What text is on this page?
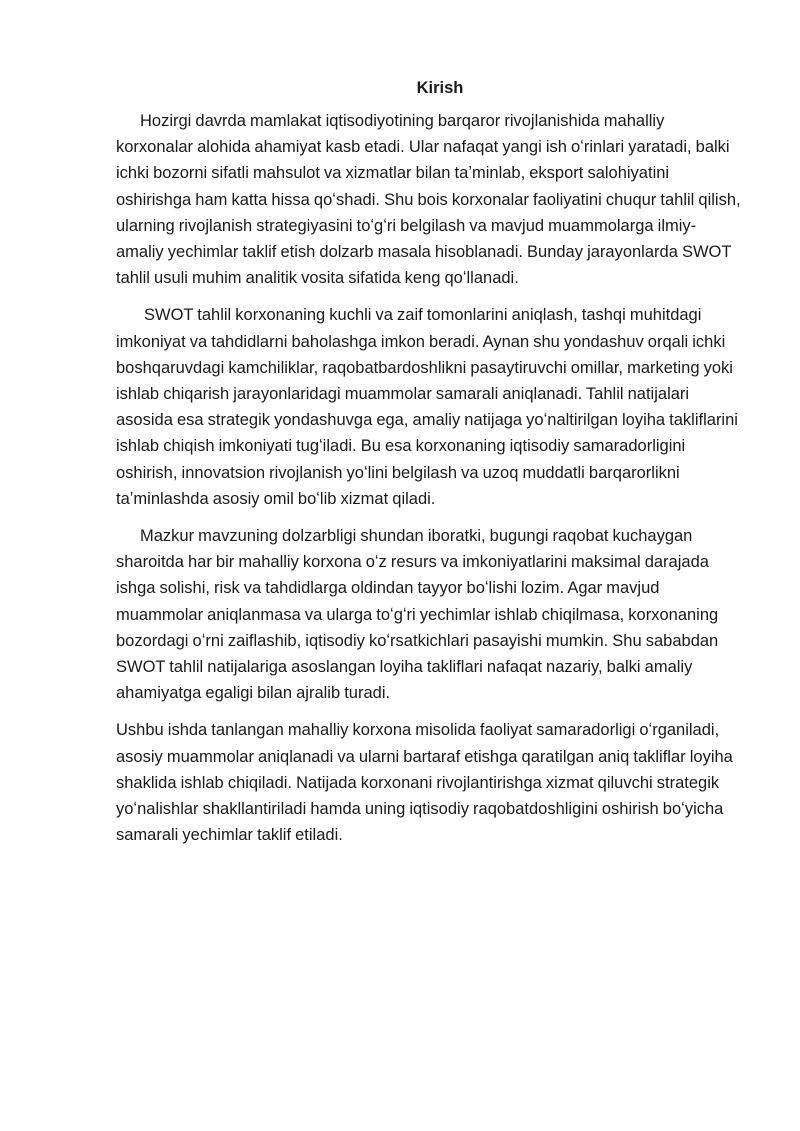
Kirish

Hozirgi davrda mamlakat iqtisodiyotining barqaror rivojlanishida mahalliy korxonalar alohida ahamiyat kasb etadi. Ular nafaqat yangi ish oʻrinlari yaratadi, balki ichki bozorni sifatli mahsulot va xizmatlar bilan taʼminlab, eksport salohiyatini oshirishga ham katta hissa qoʻshadi. Shu bois korxonalar faoliyatini chuqur tahlil qilish, ularning rivojlanish strategiyasini toʻgʻri belgilash va mavjud muammolarga ilmiy-amaliy yechimlar taklif etish dolzarb masala hisoblanadi. Bunday jarayonlarda SWOT tahlil usuli muhim analitik vosita sifatida keng qoʻllanadi.

SWOT tahlil korxonaning kuchli va zaif tomonlarini aniqlash, tashqi muhitdagi imkoniyat va tahdidlarni baholashga imkon beradi. Aynan shu yondashuv orqali ichki boshqaruvdagi kamchiliklar, raqobatbardoshlikni pasaytiruvchi omillar, marketing yoki ishlab chiqarish jarayonlaridagi muammolar samarali aniqlanadi. Tahlil natijalari asosida esa strategik yondashuvga ega, amaliy natijaga yoʻnaltirilgan loyiha takliflarini ishlab chiqish imkoniyati tugʻiladi. Bu esa korxonaning iqtisodiy samaradorligini oshirish, innovatsion rivojlanish yoʻlini belgilash va uzoq muddatli barqarorlikni taʼminlashda asosiy omil boʻlib xizmat qiladi.

Mazkur mavzuning dolzarbligi shundan iboratki, bugungi raqobat kuchaygan sharoitda har bir mahalliy korxona oʻz resurs va imkoniyatlarini maksimal darajada ishga solishi, risk va tahdidlarga oldindan tayyor boʻlishi lozim. Agar mavjud muammolar aniqlanmasa va ularga toʻgʻri yechimlar ishlab chiqilmasa, korxonaning bozordagi oʻrni zaiflashib, iqtisodiy koʻrsatkichlari pasayishi mumkin. Shu sababdan SWOT tahlil natijalariga asoslangan loyiha takliflari nafaqat nazariy, balki amaliy ahamiyatga egaligi bilan ajralib turadi.

Ushbu ishda tanlangan mahalliy korxona misolida faoliyat samaradorligi oʻrganiladi, asosiy muammolar aniqlanadi va ularni bartaraf etishga qaratilgan aniq takliflar loyiha shaklida ishlab chiqiladi. Natijada korxonani rivojlantirishga xizmat qiluvchi strategik yoʻnalishlar shakllantiriladi hamda uning iqtisodiy raqobatdoshligini oshirish boʻyicha samarali yechimlar taklif etiladi.
